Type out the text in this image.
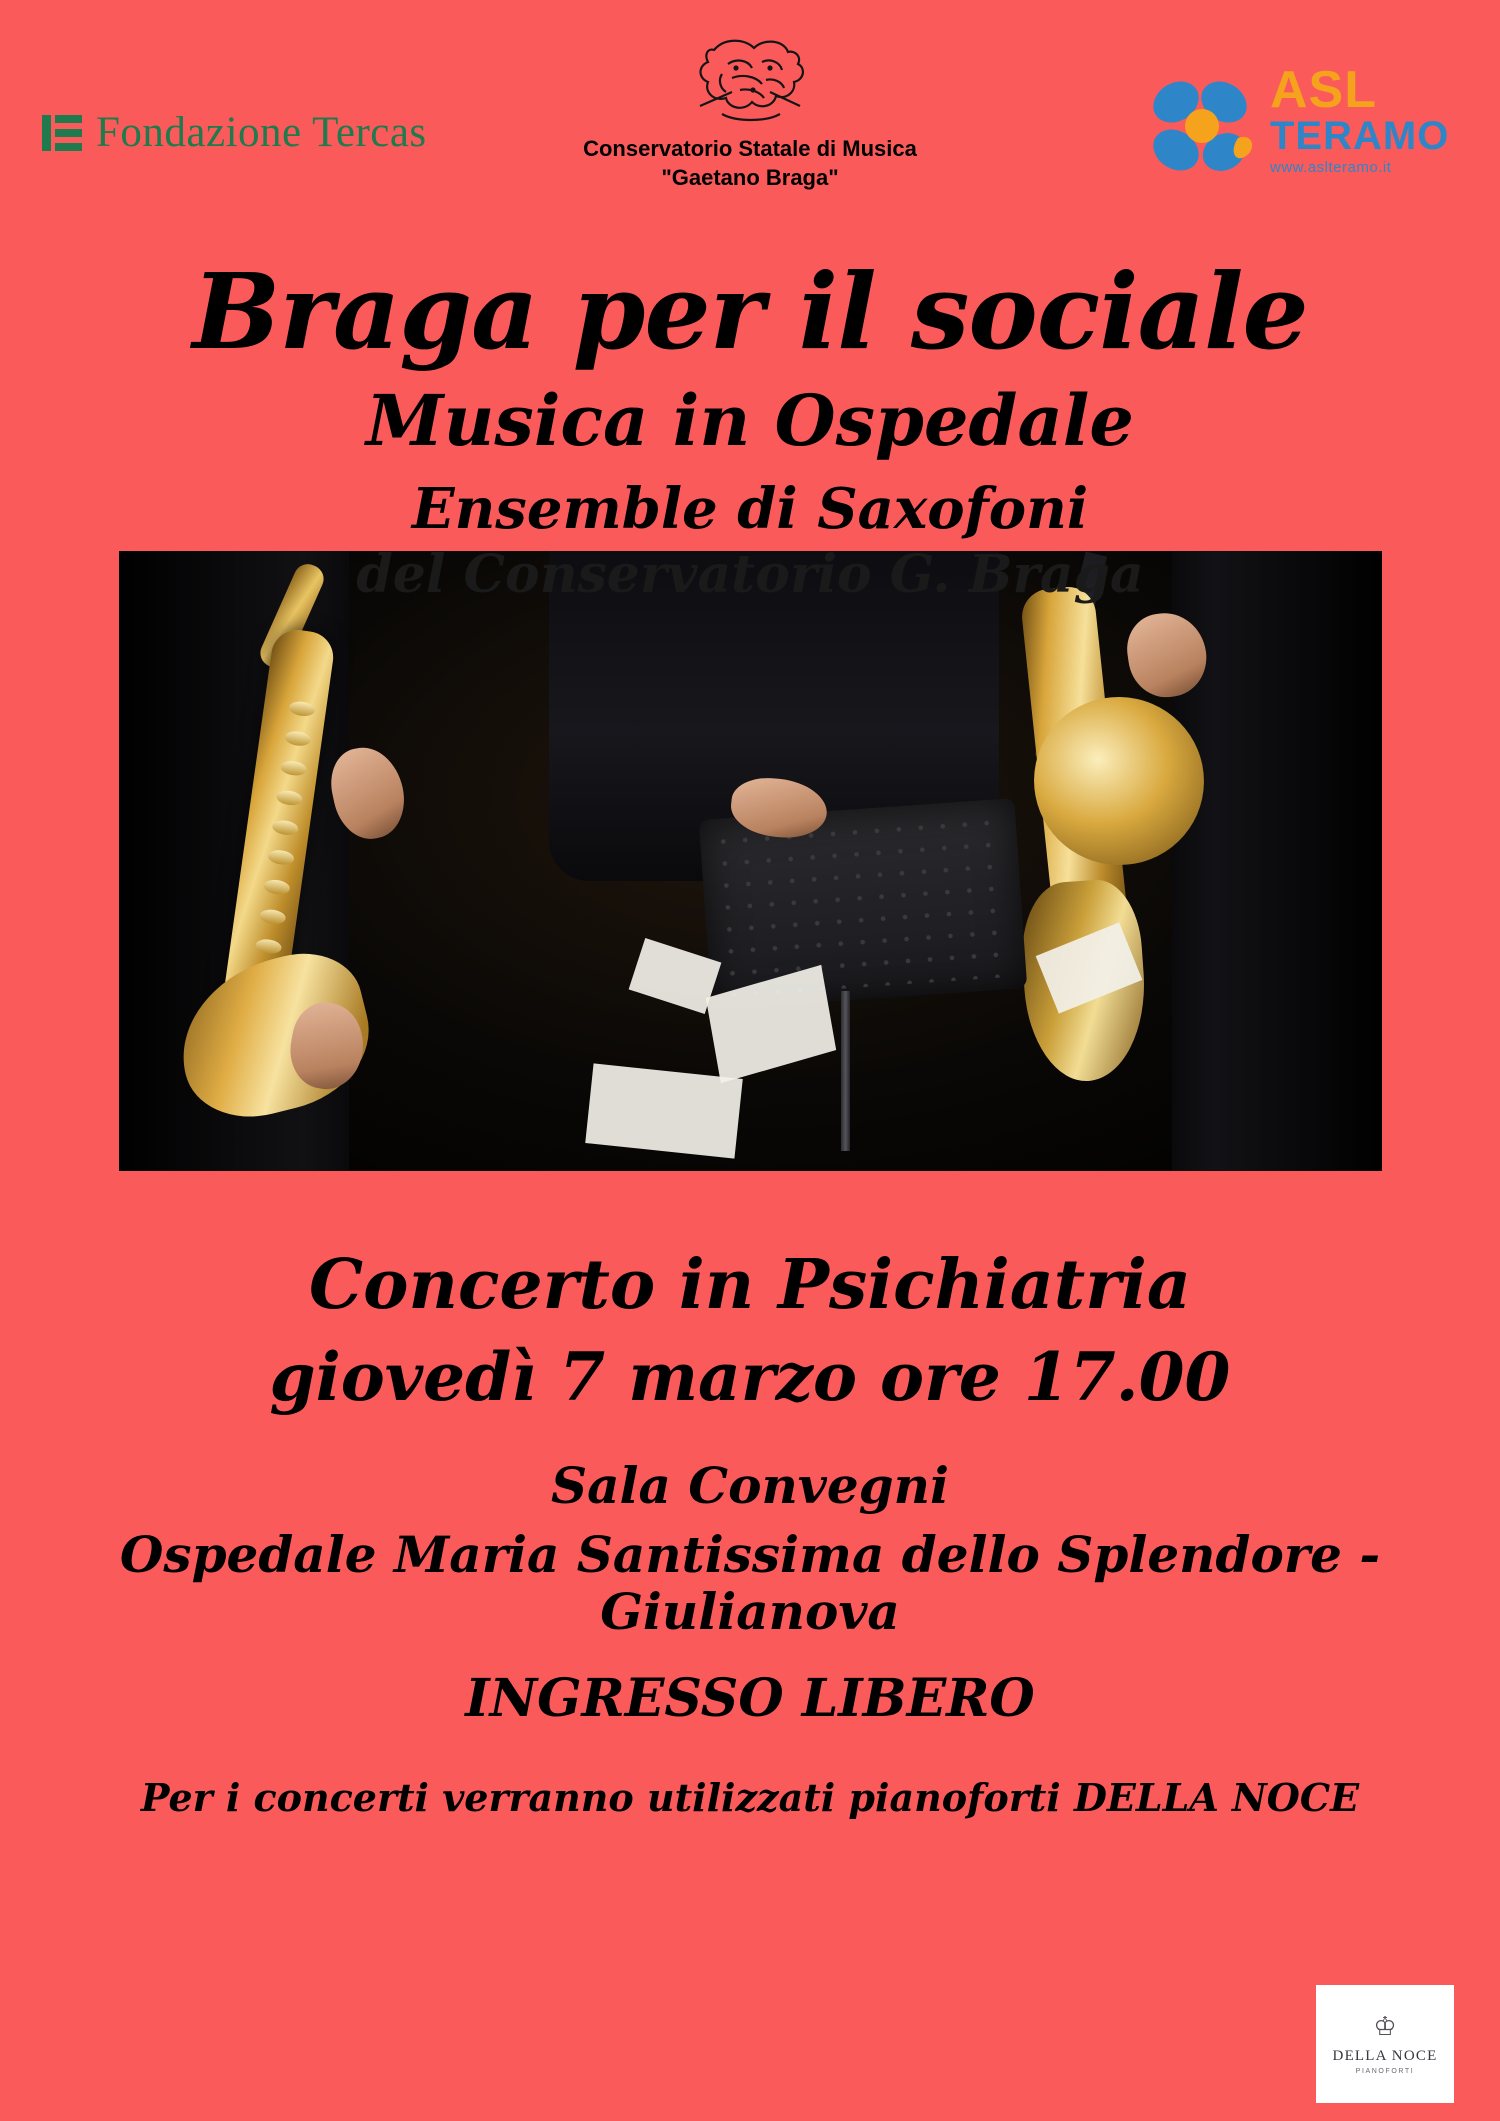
Fondazione Tercas	Conservatorio Statale di Musica
"Gaetano Braga"
ASL
TERAMO
www.aslteramo.it
Braga per il sociale
Musica in Ospedale
Ensemble di Saxofoni
del Conservatorio G. Braga
Concerto in Psichiatria
giovedì 7 marzo ore 17.00
Sala Convegni
Ospedale Maria Santissima dello Splendore - Giulianova
INGRESSO LIBERO
Per i concerti verranno utilizzati pianoforti DELLA NOCE
♔
DELLA NOCE
PIANOFORTI
